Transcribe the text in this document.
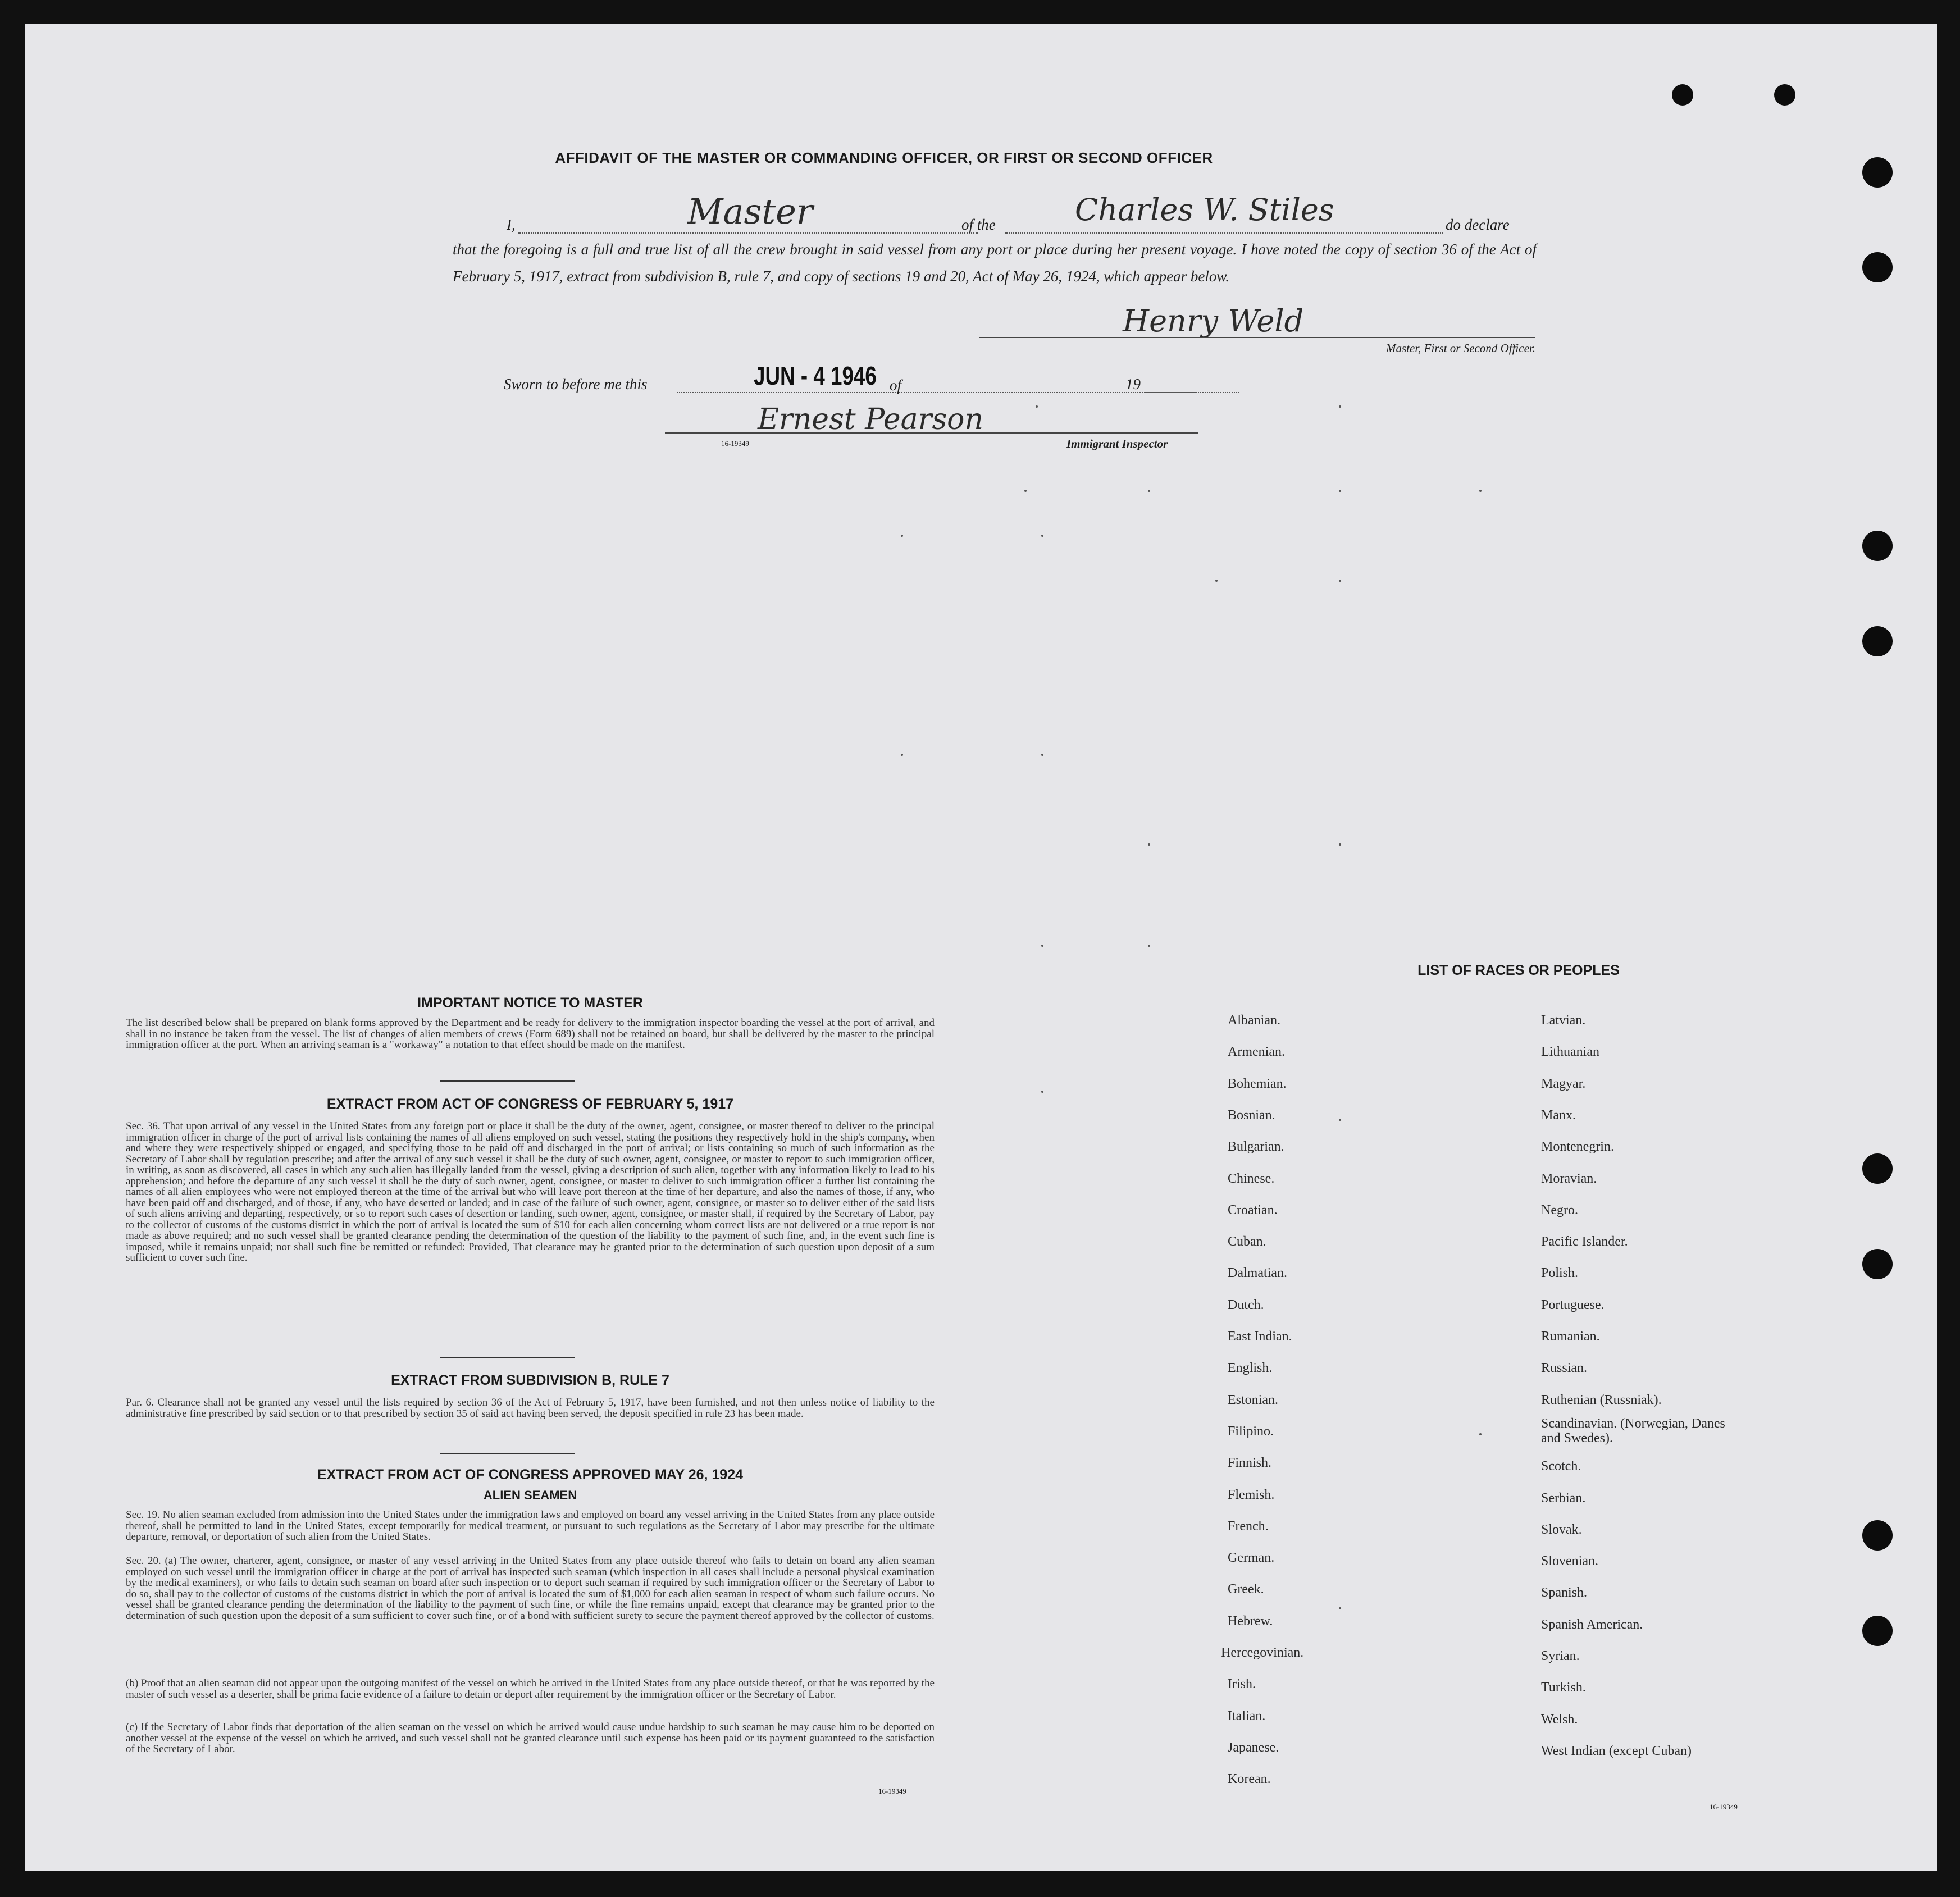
AFFIDAVIT OF THE MASTER OR COMMANDING OFFICER, OR FIRST OR SECOND OFFICER
I,	Master	of the	Charles W. Stiles	do declare
that the foregoing is a full and true list of all the crew brought in said vessel from any port or place during her present voyage. I have noted the copy of section 36 of the Act of February 5, 1917, extract from subdivision B, rule 7, and copy of sections 19 and 20, Act of May 26, 1924, which appear below.
Henry Weld
Master, First or Second Officer.
Sworn to before me this	JUN - 4 1946 of	19
Ernest Pearson
16-19349	Immigrant Inspector
IMPORTANT NOTICE TO MASTER
The list described below shall be prepared on blank forms approved by the Department and be ready for delivery to the immigration inspector boarding the vessel at the port of arrival, and shall in no instance be taken from the vessel. The list of changes of alien members of crews (Form 689) shall not be retained on board, but shall be delivered by the master to the principal immigration officer at the port. When an arriving seaman is a "workaway" a notation to that effect should be made on the manifest.
EXTRACT FROM ACT OF CONGRESS OF FEBRUARY 5, 1917
Sec. 36. That upon arrival of any vessel in the United States from any foreign port or place it shall be the duty of the owner, agent, consignee, or master thereof to deliver to the principal immigration officer in charge of the port of arrival lists containing the names of all aliens employed on such vessel, stating the positions they respectively hold in the ship's company, when and where they were respectively shipped or engaged, and specifying those to be paid off and discharged in the port of arrival; or lists containing so much of such information as the Secretary of Labor shall by regulation prescribe; and after the arrival of any such vessel it shall be the duty of such owner, agent, consignee, or master to report to such immigration officer, in writing, as soon as discovered, all cases in which any such alien has illegally landed from the vessel, giving a description of such alien, together with any information likely to lead to his apprehension; and before the departure of any such vessel it shall be the duty of such owner, agent, consignee, or master to deliver to such immigration officer a further list containing the names of all alien employees who were not employed thereon at the time of the arrival but who will leave port thereon at the time of her departure, and also the names of those, if any, who have been paid off and discharged, and of those, if any, who have deserted or landed; and in case of the failure of such owner, agent, consignee, or master so to deliver either of the said lists of such aliens arriving and departing, respectively, or so to report such cases of desertion or landing, such owner, agent, consignee, or master shall, if required by the Secretary of Labor, pay to the collector of customs of the customs district in which the port of arrival is located the sum of $10 for each alien concerning whom correct lists are not delivered or a true report is not made as above required; and no such vessel shall be granted clearance pending the determination of the question of the liability to the payment of such fine, and, in the event such fine is imposed, while it remains unpaid; nor shall such fine be remitted or refunded: Provided, That clearance may be granted prior to the determination of such question upon deposit of a sum sufficient to cover such fine.
EXTRACT FROM SUBDIVISION B, RULE 7
Par. 6. Clearance shall not be granted any vessel until the lists required by section 36 of the Act of February 5, 1917, have been furnished, and not then unless notice of liability to the administrative fine prescribed by said section or to that prescribed by section 35 of said act having been served, the deposit specified in rule 23 has been made.
EXTRACT FROM ACT OF CONGRESS APPROVED MAY 26, 1924
ALIEN SEAMEN
Sec. 19. No alien seaman excluded from admission into the United States under the immigration laws and employed on board any vessel arriving in the United States from any place outside thereof, shall be permitted to land in the United States, except temporarily for medical treatment, or pursuant to such regulations as the Secretary of Labor may prescribe for the ultimate departure, removal, or deportation of such alien from the United States.
Sec. 20. (a) The owner, charterer, agent, consignee, or master of any vessel arriving in the United States from any place outside thereof who fails to detain on board any alien seaman employed on such vessel until the immigration officer in charge at the port of arrival has inspected such seaman (which inspection in all cases shall include a personal physical examination by the medical examiners), or who fails to detain such seaman on board after such inspection or to deport such seaman if required by such immigration officer or the Secretary of Labor to do so, shall pay to the collector of customs of the customs district in which the port of arrival is located the sum of $1,000 for each alien seaman in respect of whom such failure occurs. No vessel shall be granted clearance pending the determination of the liability to the payment of such fine, or while the fine remains unpaid, except that clearance may be granted prior to the determination of such question upon the deposit of a sum sufficient to cover such fine, or of a bond with sufficient surety to secure the payment thereof approved by the collector of customs.
(b) Proof that an alien seaman did not appear upon the outgoing manifest of the vessel on which he arrived in the United States from any place outside thereof, or that he was reported by the master of such vessel as a deserter, shall be prima facie evidence of a failure to detain or deport after requirement by the immigration officer or the Secretary of Labor.
(c) If the Secretary of Labor finds that deportation of the alien seaman on the vessel on which he arrived would cause undue hardship to such seaman he may cause him to be deported on another vessel at the expense of the vessel on which he arrived, and such vessel shall not be granted clearance until such expense has been paid or its payment guaranteed to the satisfaction of the Secretary of Labor.
16-19349
LIST OF RACES OR PEOPLES
16-19349
Albanian.
Armenian.
Bohemian.
Bosnian.
Bulgarian.
Chinese.
Croatian.
Cuban.
Dalmatian.
Dutch.
East Indian.
English.
Estonian.
Filipino.
Finnish.
Flemish.
French.
German.
Greek.
Hebrew.
Hercegovinian.
Irish.
Italian.
Japanese.
Korean.
Latvian.
Lithuanian
Magyar.
Manx.
Montenegrin.
Moravian.
Negro.
Pacific Islander.
Polish.
Portuguese.
Rumanian.
Russian.
Ruthenian (Russniak).
Scandinavian. (Norwegian, Danes and Swedes).
Scotch.
Serbian.
Slovak.
Slovenian.
Spanish.
Spanish American.
Syrian.
Turkish.
Welsh.
West Indian (except Cuban)
